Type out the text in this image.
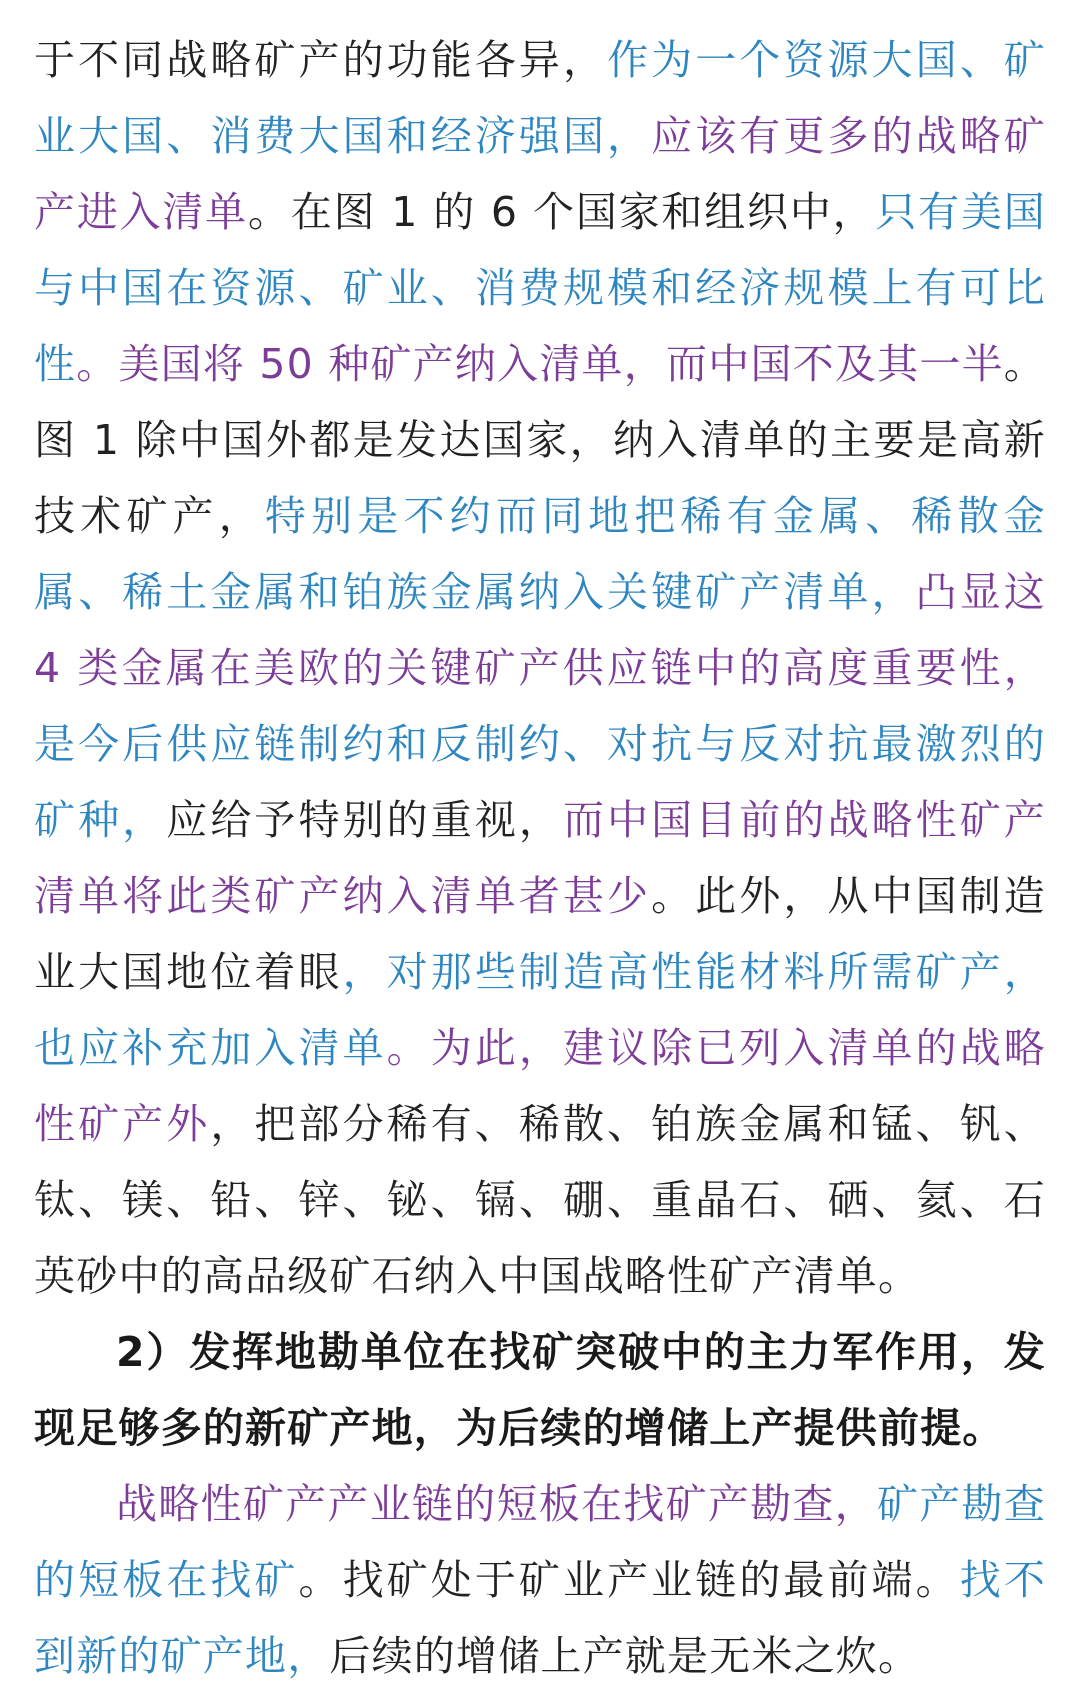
于不同战略矿产的功能各异，作为一个资源大国、矿业大国、消费大国和经济强国，应该有更多的战略矿产进入清单。在图 1 的 6 个国家和组织中，只有美国与中国在资源、矿业、消费规模和经济规模上有可比性。美国将 50 种矿产纳入清单，而中国不及其一半。图 1 除中国外都是发达国家，纳入清单的主要是高新技术矿产，特别是不约而同地把稀有金属、稀散金属、稀土金属和铂族金属纳入关键矿产清单，凸显这 4 类金属在美欧的关键矿产供应链中的高度重要性，是今后供应链制约和反制约、对抗与反对抗最激烈的矿种，应给予特别的重视，而中国目前的战略性矿产清单将此类矿产纳入清单者甚少。此外，从中国制造业大国地位着眼，对那些制造高性能材料所需矿产，也应补充加入清单。为此，建议除已列入清单的战略性矿产外，把部分稀有、稀散、铂族金属和锰、钒、钛、镁、铅、锌、铋、镉、硼、重晶石、硒、氦、石英砂中的高品级矿石纳入中国战略性矿产清单。

2）发挥地勘单位在找矿突破中的主力军作用，发现足够多的新矿产地，为后续的增储上产提供前提。

战略性矿产产业链的短板在找矿产勘查，矿产勘查的短板在找矿。找矿处于矿业产业链的最前端。找不到新的矿产地，后续的增储上产就是无米之炊。
